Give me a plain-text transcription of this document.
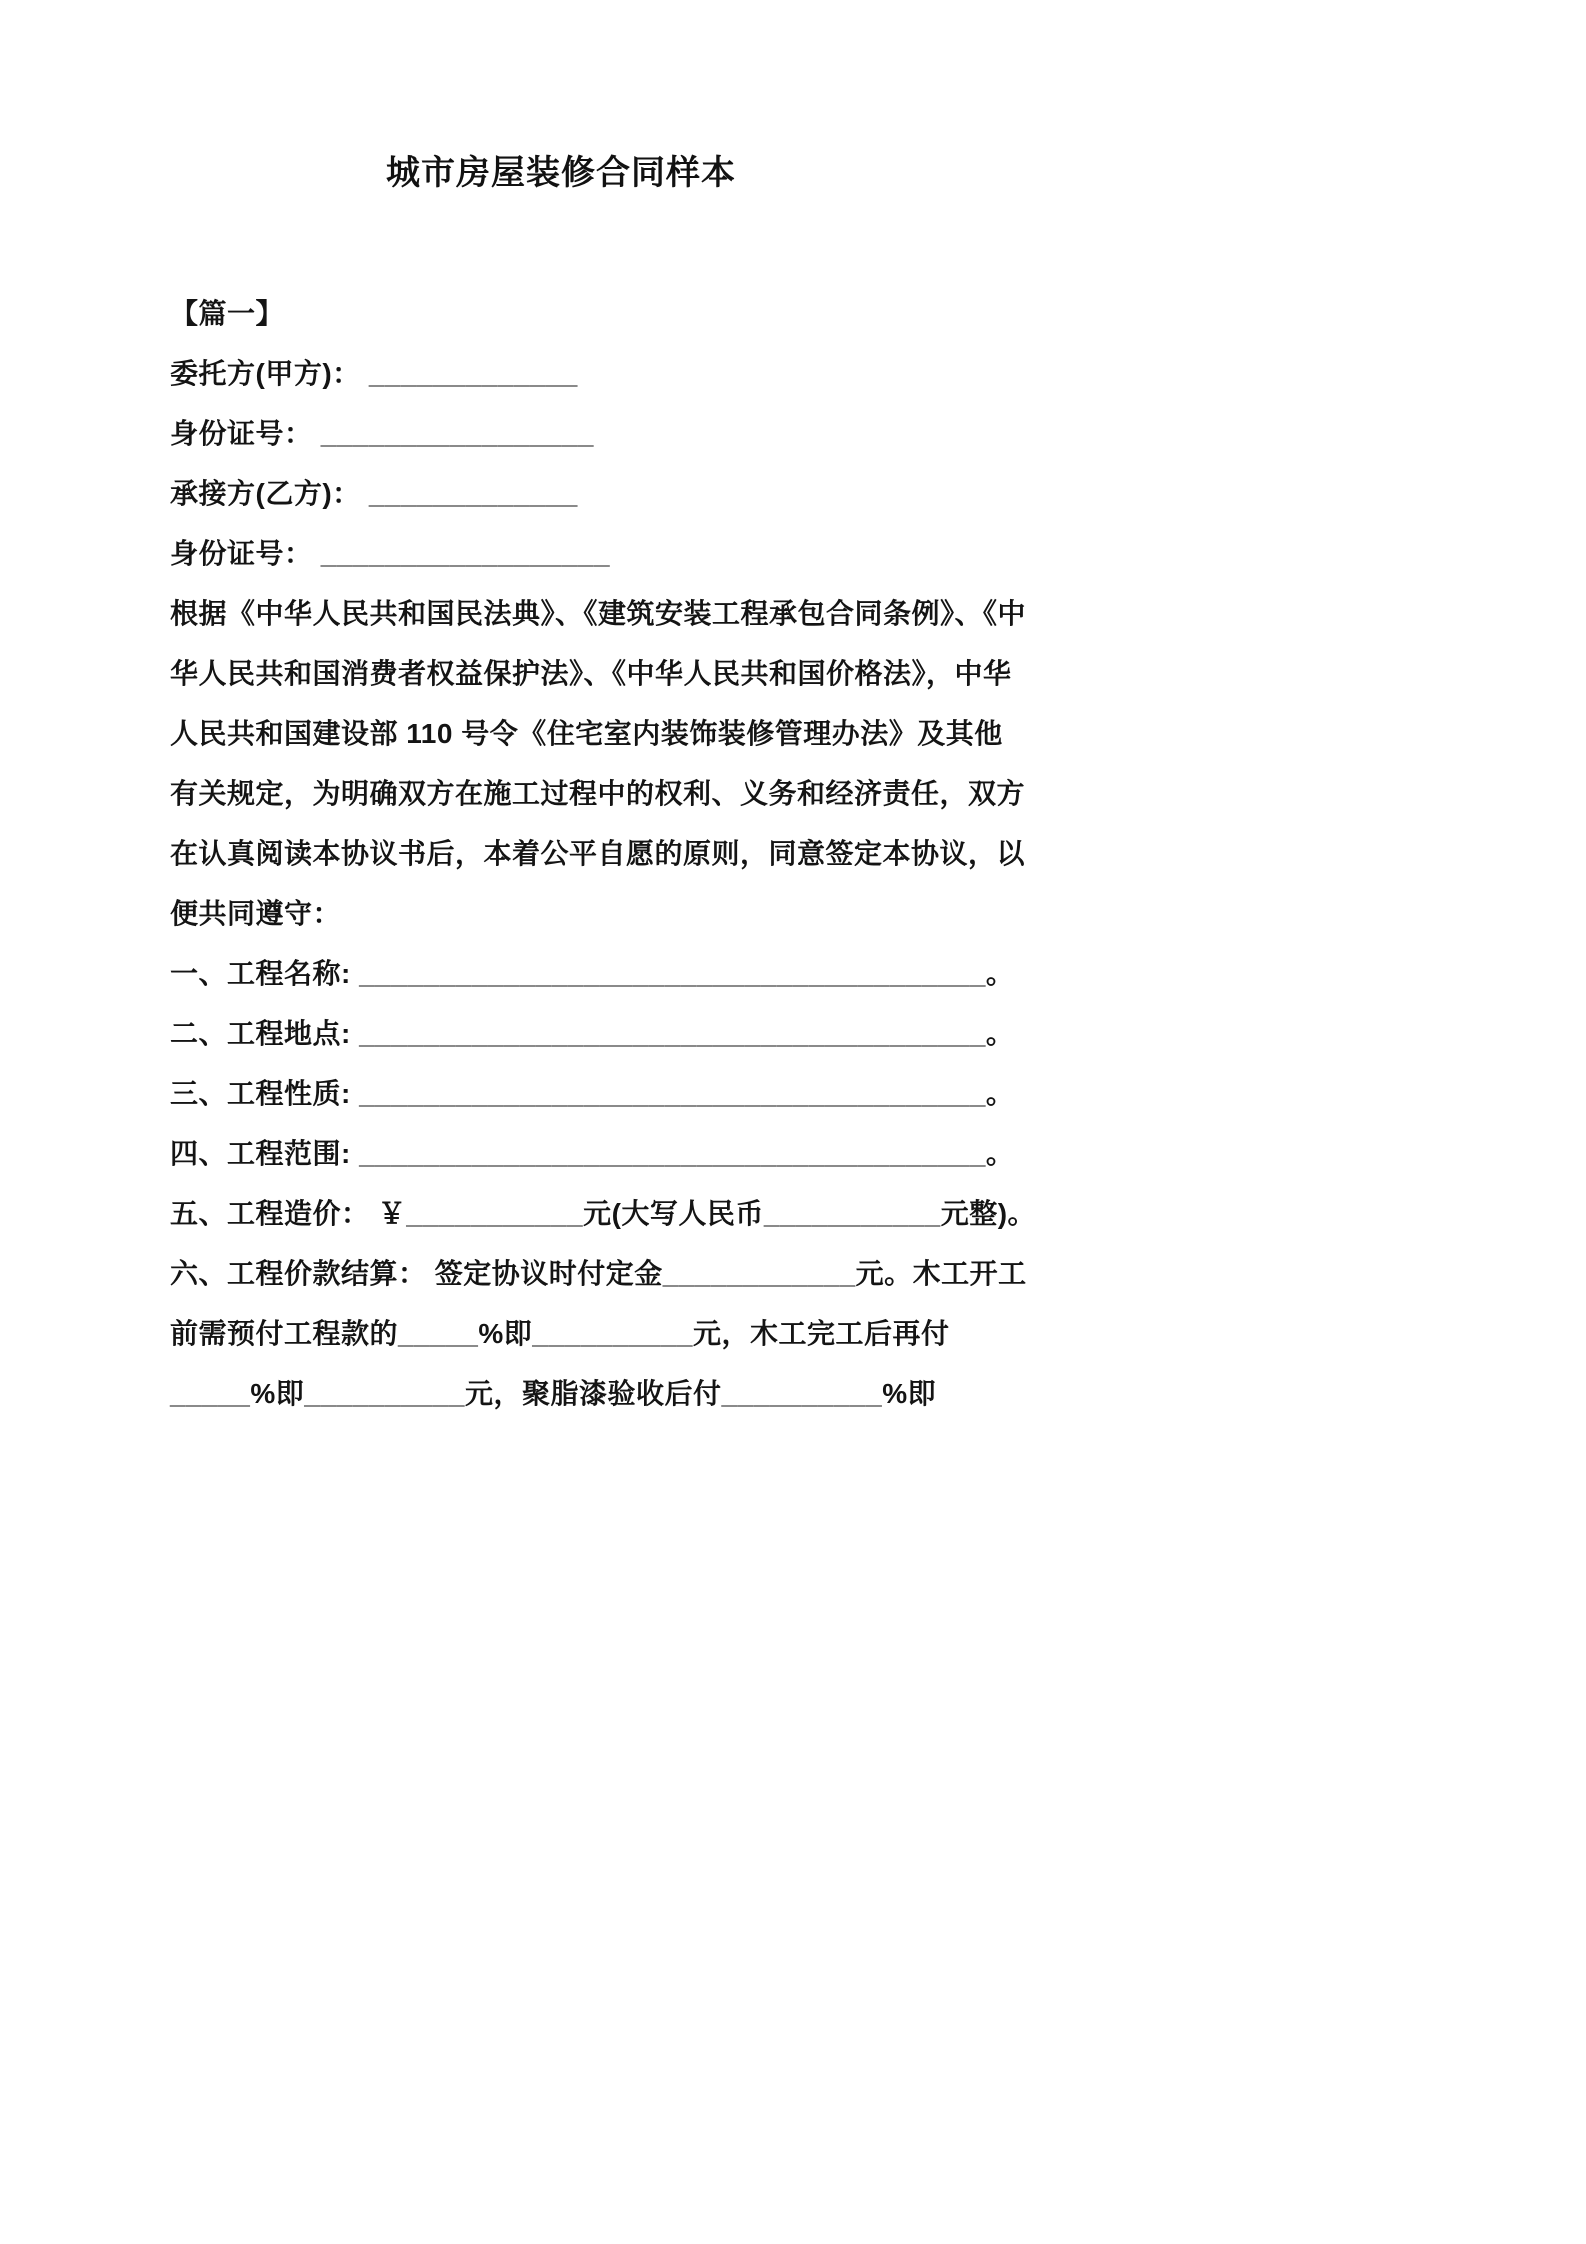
城市房屋装修合同样本
【篇一】
委托方(甲方)： _____________
身份证号： _________________
承接方(乙方)： _____________
身份证号： __________________
根据《中华人民共和国民法典》、《建筑安装工程承包合同条例》、《中
华人民共和国消费者权益保护法》、《中华人民共和国价格法》，中华
人民共和国建设部 110 号令《住宅室内装饰装修管理办法》及其他
有关规定，为明确双方在施工过程中的权利、义务和经济责任，双方
在认真阅读本协议书后，本着公平自愿的原则，同意签定本协议，以
便共同遵守：
一、工程名称: _______________________________________。
二、工程地点: _______________________________________。
三、工程性质: _______________________________________。
四、工程范围: _______________________________________。
五、工程造价： ￥___________元(大写人民币___________元整)。
六、工程价款结算： 签定协议时付定金____________元。木工开工
前需预付工程款的_____%即__________元，木工完工后再付
_____%即__________元，聚脂漆验收后付__________%即
